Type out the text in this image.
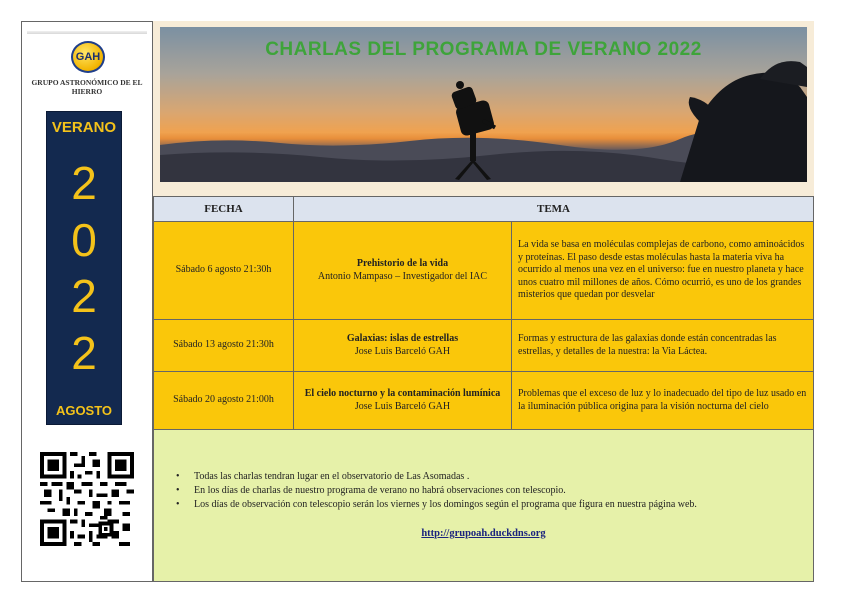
GAH
GRUPO ASTRONÓMICO DE EL HIERRO
VERANO
2
0
2
2
AGOSTO
CHARLAS DEL PROGRAMA DE VERANO 2022
FECHA	TEMA
Sábado 6 agosto 21:30h
Prehistorio de la vida
Antonio Mampaso – Investigador del IAC
La vida se basa en moléculas complejas de carbono, como aminoácidos y proteínas. El paso desde estas moléculas hasta la materia viva ha ocurrido al menos una vez en el universo: fue en nuestro planeta y hace unos cuatro mil millones de años. Cómo ocurrió, es uno de los grandes misterios que quedan por desvelar
Sábado 13 agosto 21:30h
Galaxias: islas de estrellas
Jose Luis Barceló GAH
Formas y estructura de las galaxias donde están concentradas las estrellas, y detalles de la nuestra: la Via Láctea.
Sábado 20 agosto 21:00h
El cielo nocturno y la contaminación lumínica
Jose Luis Barceló GAH
Problemas que el exceso de luz y lo inadecuado del tipo de luz usado en la iluminación pública origina para la visión nocturna del cielo
• Todas las charlas tendran lugar en el observatorio de Las Asomadas .
• En los días de charlas de nuestro programa de verano no habrá observaciones con telescopio.
• Los días de observación con telescopio serán los viernes y los domingos según el programa que figura en nuestra página web.
http://grupoah.duckdns.org
